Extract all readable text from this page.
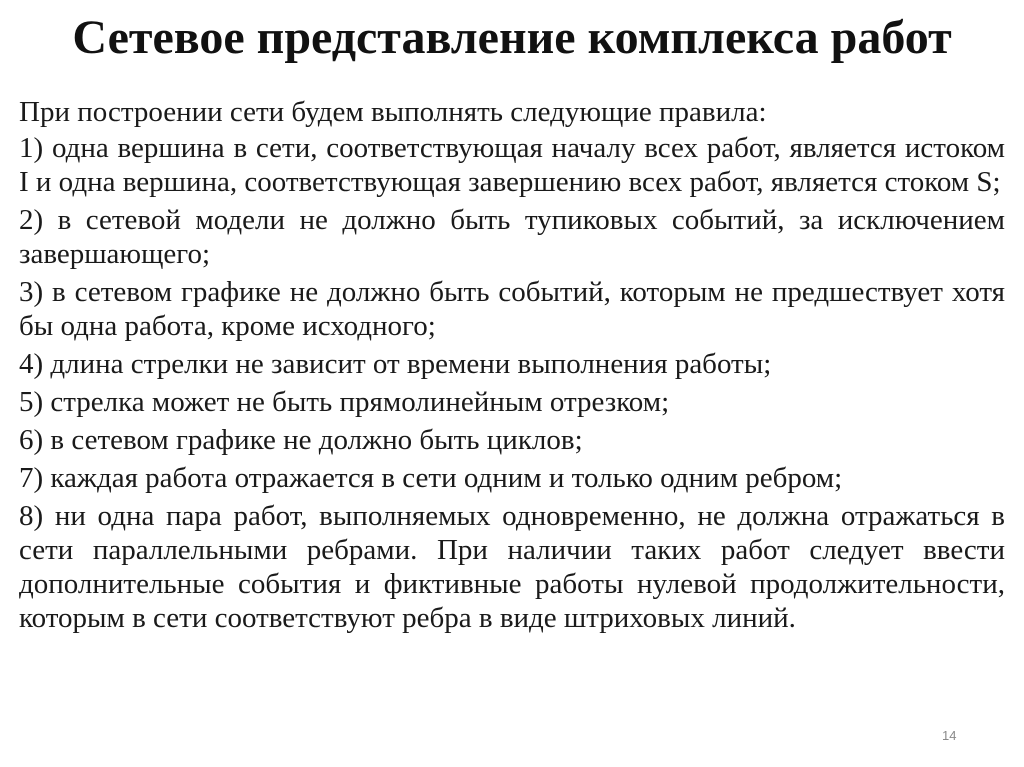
Сетевое представление комплекса работ

При построении сети будем выполнять следующие правила:

1) одна вершина в сети, соответствующая началу всех работ, является истоком I и одна вершина, соответствующая завершению всех работ, является стоком S;

2) в сетевой модели не должно быть тупиковых событий, за исключением завершающего;

3) в сетевом графике не должно быть событий, которым не предшествует хотя бы одна работа, кроме исходного;

4) длина стрелки не зависит от времени выполнения работы;

5) стрелка может не быть прямолинейным отрезком;

6) в сетевом графике не должно быть циклов;

7) каждая работа отражается в сети одним и только одним ребром;

8) ни одна пара работ, выполняемых одновременно, не должна отражаться в сети параллельными ребрами. При наличии таких работ следует ввести дополнительные события и фиктивные работы нулевой продолжительности, которым в сети соответствуют ребра в виде штриховых линий.

14
